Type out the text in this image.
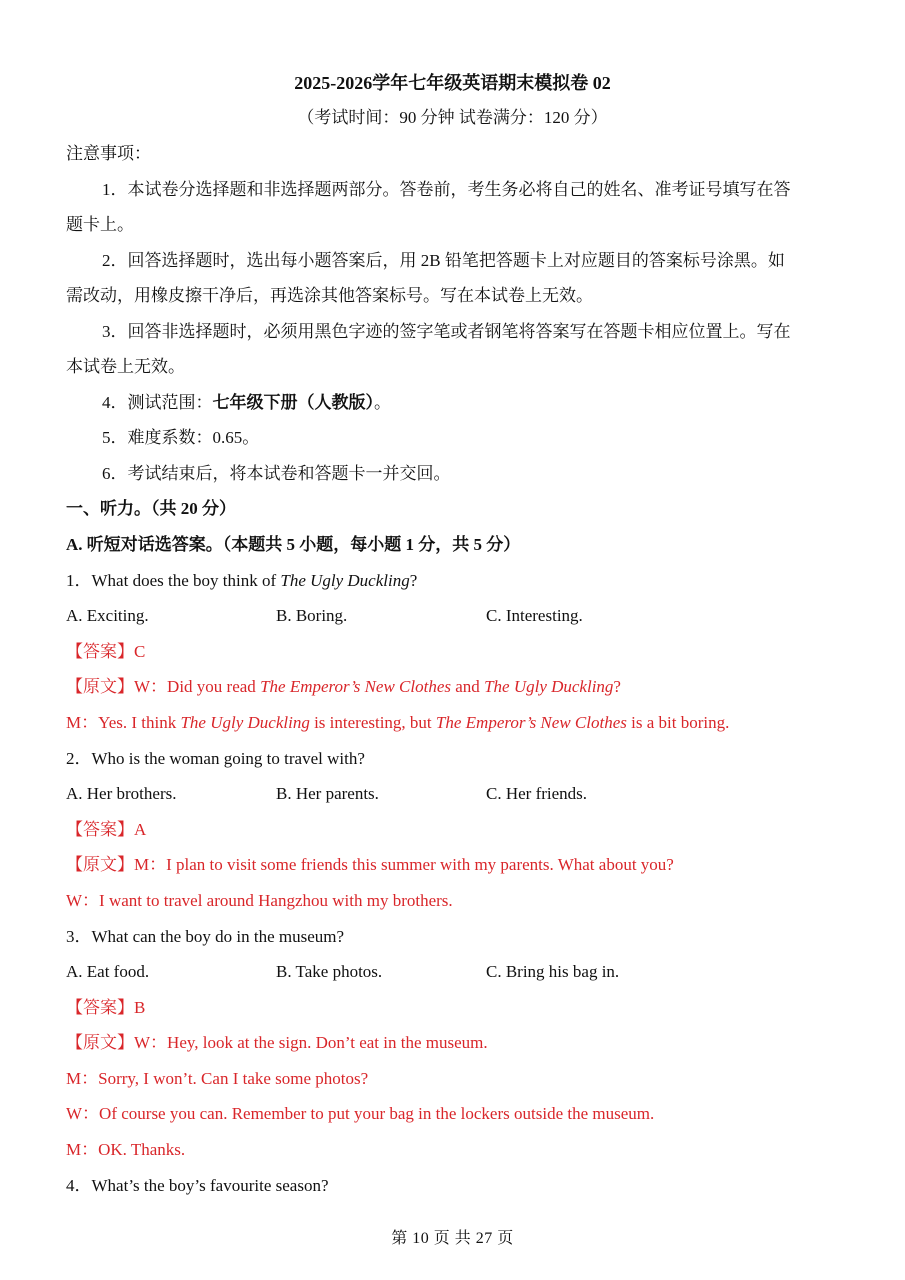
2025-2026学年七年级英语期末模拟卷 02
（考试时间：90 分钟 试卷满分：120 分）
注意事项：
1．本试卷分选择题和非选择题两部分。答卷前，考生务必将自己的姓名、准考证号填写在答
题卡上。
2．回答选择题时，选出每小题答案后，用 2B 铅笔把答题卡上对应题目的答案标号涂黑。如
需改动，用橡皮擦干净后，再选涂其他答案标号。写在本试卷上无效。
3．回答非选择题时，必须用黑色字迹的签字笔或者钢笔将答案写在答题卡相应位置上。写在
本试卷上无效。
4．测试范围：七年级下册（人教版）。
5．难度系数：0.65。
6．考试结束后，将本试卷和答题卡一并交回。
一、听力。（共 20 分）
A. 听短对话选答案。（本题共 5 小题，每小题 1 分，共 5 分）
1．What does the boy think of The Ugly Duckling?
A. Exciting.	B. Boring.	C. Interesting.
【答案】C
【原文】W：Did you read The Emperor’s New Clothes and The Ugly Duckling?
M：Yes. I think The Ugly Duckling is interesting, but The Emperor’s New Clothes is a bit boring.
2．Who is the woman going to travel with?
A. Her brothers.	B. Her parents.	C. Her friends.
【答案】A
【原文】M：I plan to visit some friends this summer with my parents. What about you?
W：I want to travel around Hangzhou with my brothers.
3．What can the boy do in the museum?
A. Eat food.	B. Take photos.	C. Bring his bag in.
【答案】B
【原文】W：Hey, look at the sign. Don’t eat in the museum.
M：Sorry, I won’t. Can I take some photos?
W：Of course you can. Remember to put your bag in the lockers outside the museum.
M：OK. Thanks.
4．What’s the boy’s favourite season?
第 10 页 共 27 页
